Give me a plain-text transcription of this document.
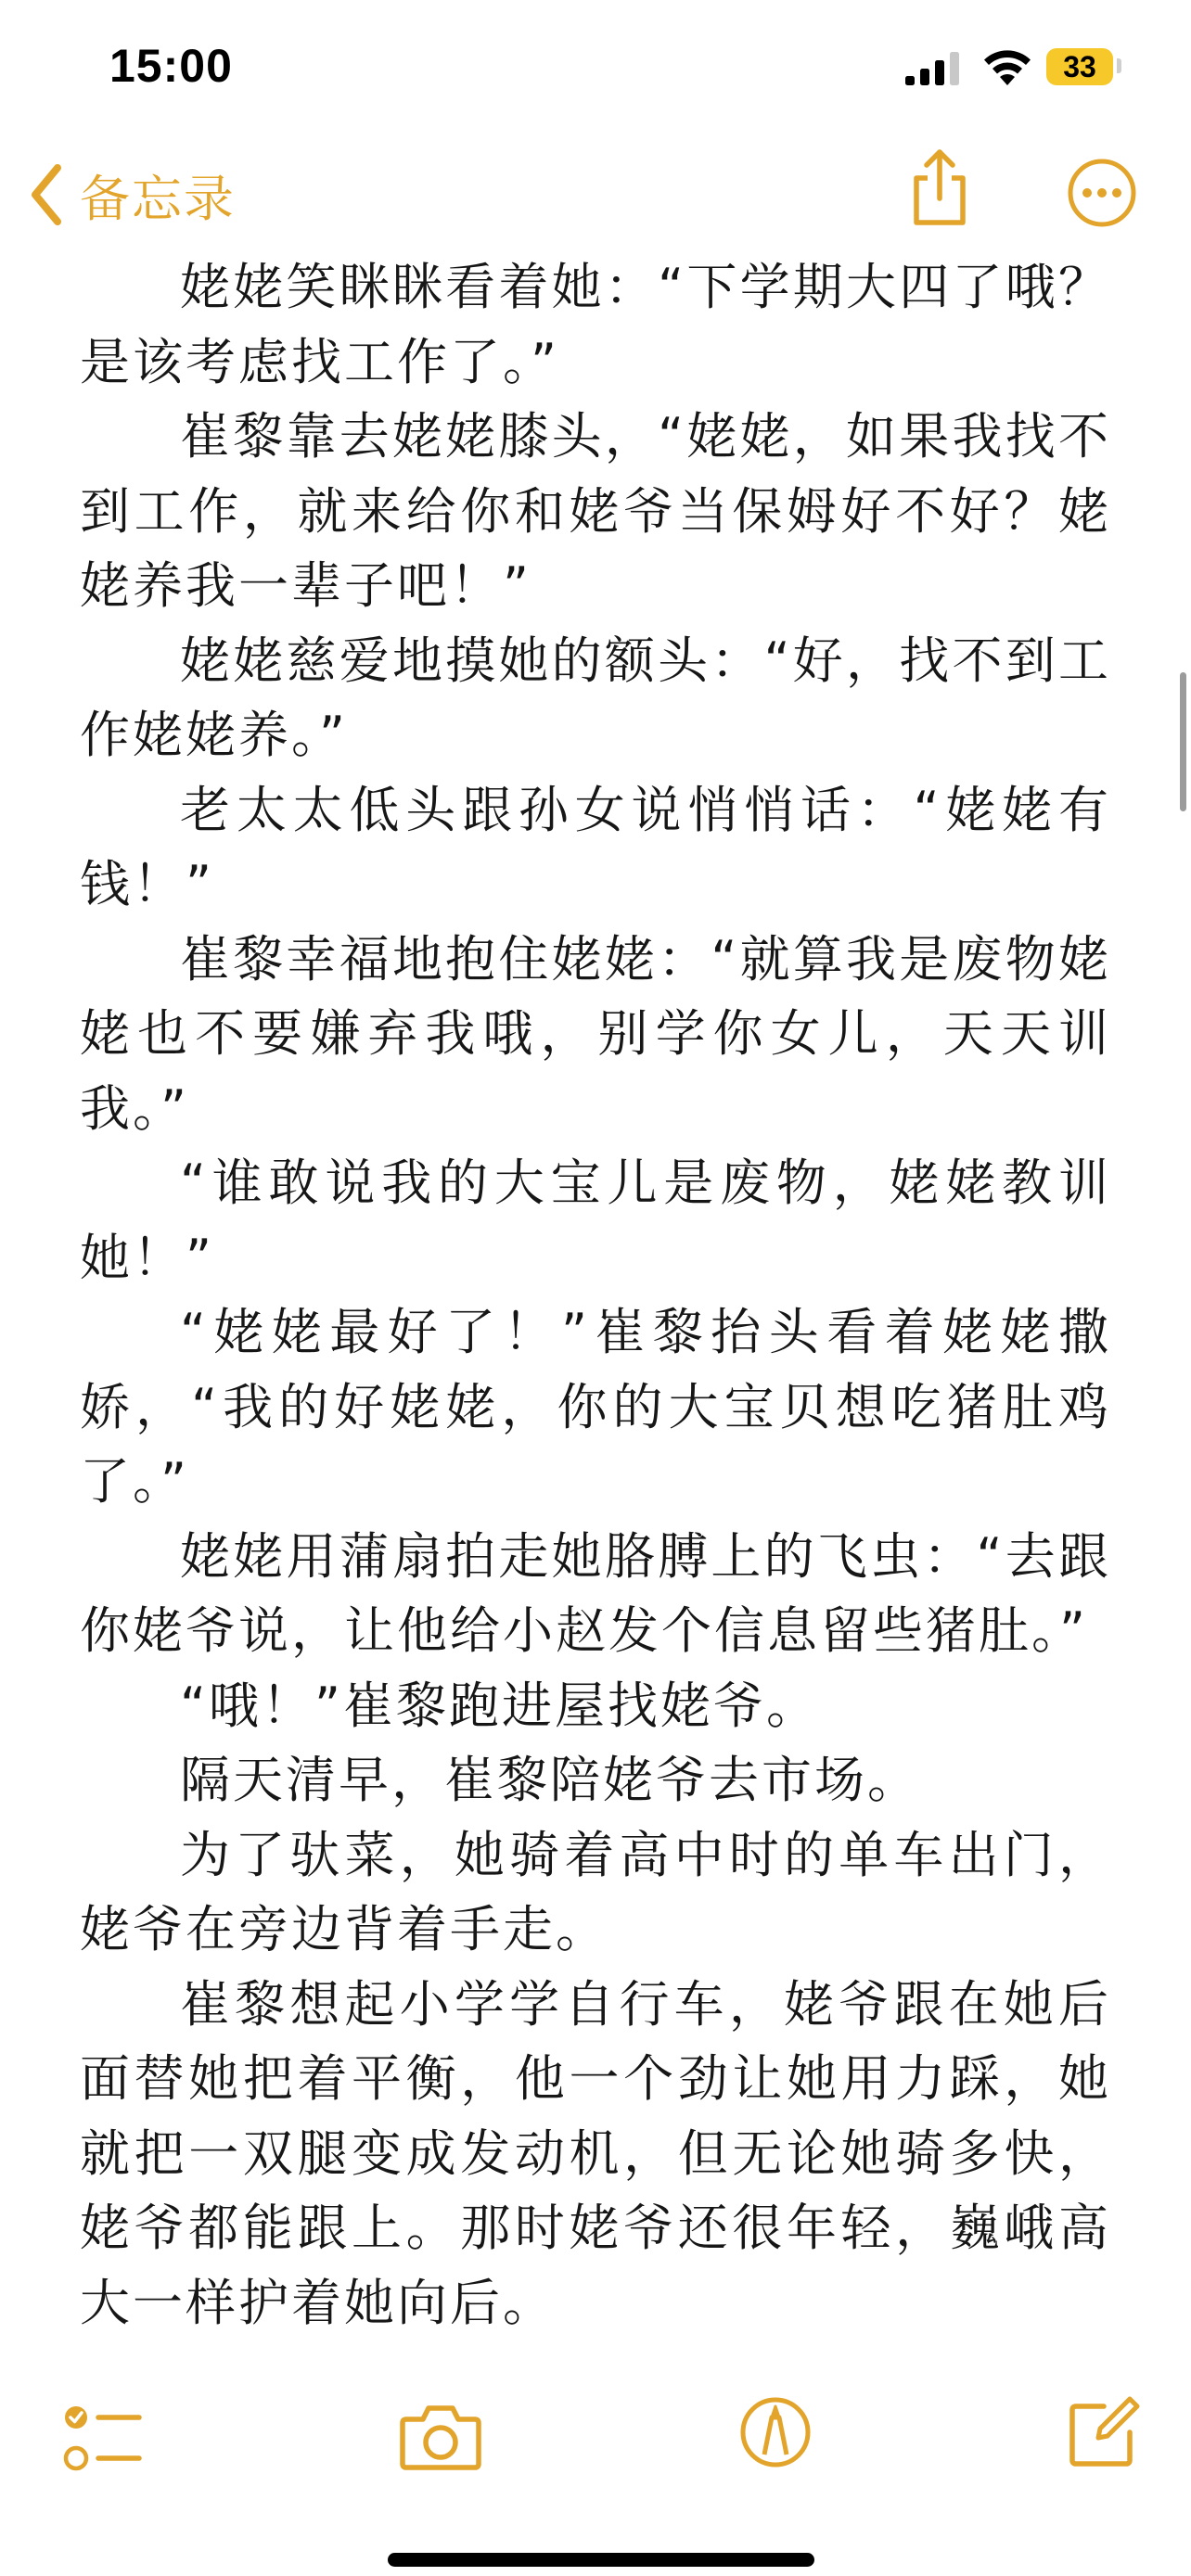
15:00	33
备忘录

姥姥笑眯眯看着她：“下学期大四了哦？是该考虑找工作了。”

崔黎靠去姥姥膝头，“姥姥，如果我找不到工作，就来给你和姥爷当保姆好不好？姥姥养我一辈子吧！”

姥姥慈爱地摸她的额头：“好，找不到工作姥姥养。”

老太太低头跟孙女说悄悄话：“姥姥有钱！”

崔黎幸福地抱住姥姥：“就算我是废物姥姥也不要嫌弃我哦，别学你女儿，天天训我。”

“谁敢说我的大宝儿是废物，姥姥教训她！”

“姥姥最好了！”崔黎抬头看着姥姥撒娇，“我的好姥姥，你的大宝贝想吃猪肚鸡了。”

姥姥用蒲扇拍走她胳膊上的飞虫：“去跟你姥爷说，让他给小赵发个信息留些猪肚。”

“哦！”崔黎跑进屋找姥爷。

隔天清早，崔黎陪姥爷去市场。

为了驮菜，她骑着高中时的单车出门，姥爷在旁边背着手走。

崔黎想起小学学自行车，姥爷跟在她后面替她把着平衡，他一个劲让她用力踩，她就把一双腿变成发动机，但无论她骑多快，姥爷都能跟上。那时姥爷还很年轻，巍峨高大一样护着她向后。
